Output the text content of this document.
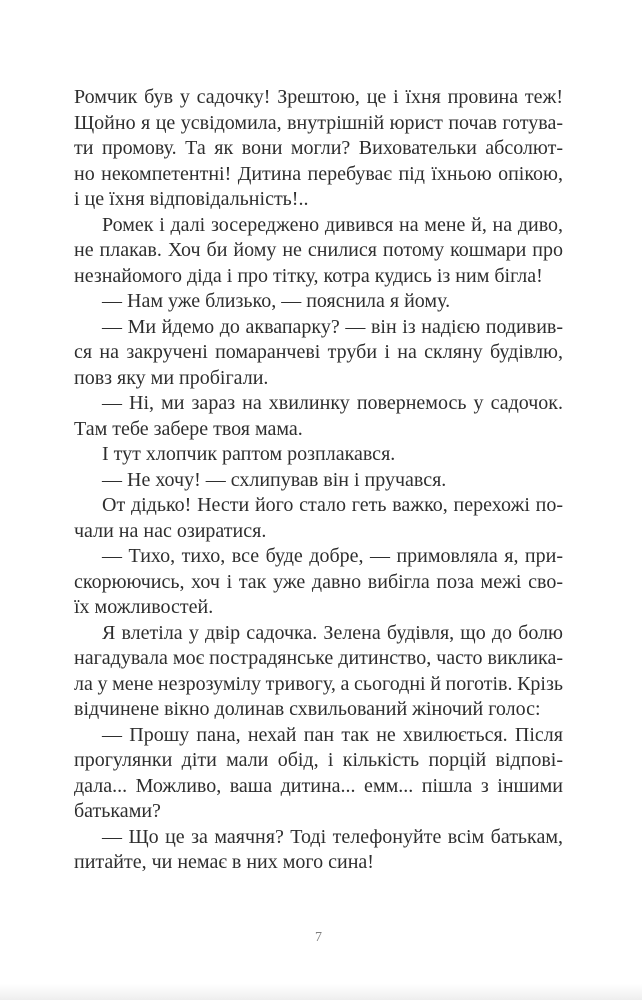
Ромчик був у садочку! Зрештою, це і їхня провина теж!
Щойно я це усвідомила, внутрішній юрист почав готува-
ти промову. Та як вони могли? Виховательки абсолют-
но некомпетентні! Дитина перебуває під їхньою опікою,
і це їхня відповідальність!..
Ромек і далі зосереджено дивився на мене й, на диво,
не плакав. Хоч би йому не снилися потому кошмари про
незнайомого діда і про тітку, котра кудись із ним бігла!
— Нам уже близько, — пояснила я йому.
— Ми йдемо до аквапарку? — він із надією подивив-
ся на закручені помаранчеві труби і на скляну будівлю,
повз яку ми пробігали.
— Ні, ми зараз на хвилинку повернемось у садочок.
Там тебе забере твоя мама.
І тут хлопчик раптом розплакався.
— Не хочу! — схлипував він і пручався.
От дідько! Нести його стало геть важко, перехожі по-
чали на нас озиратися.
— Тихо, тихо, все буде добре, — примовляла я, при-
скорюючись, хоч і так уже давно вибігла поза межі сво-
їх можливостей.
Я влетіла у двір садочка. Зелена будівля, що до болю
нагадувала моє пострадянське дитинство, часто виклика-
ла у мене незрозумілу тривогу, а сьогодні й поготів. Крізь
відчинене вікно долинав схвильований жіночий голос:
— Прошу пана, нехай пан так не хвилюється. Після
прогулянки діти мали обід, і кількість порцій відпові-
дала... Можливо, ваша дитина... емм... пішла з іншими
батьками?
— Що це за маячня? Тоді телефонуйте всім батькам,
питайте, чи немає в них мого сина!
7
